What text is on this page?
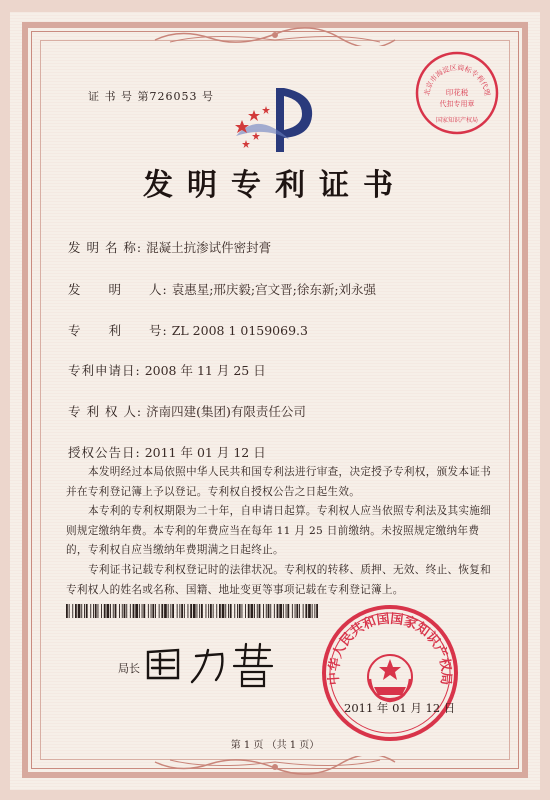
证 书 号 第726053 号	北京市海淀区商标专利代理
印花税
代扣专用章
国家知识产权局
发明专利证书
发 明 名 称: 混凝土抗渗试件密封膏
发　　明　　人: 袁惠星;邢庆毅;宫文晋;徐东新;刘永强
专　　利　　号: ZL 2008 1 0159069.3
专利申请日: 2008 年 11 月 25 日
专 利 权 人: 济南四建(集团)有限责任公司
授权公告日: 2011 年 01 月 12 日
本发明经过本局依照中华人民共和国专利法进行审查，决定授予专利权，颁发本证书并在专利登记簿上予以登记。专利权自授权公告之日起生效。
本专利的专利权期限为二十年，自申请日起算。专利权人应当依照专利法及其实施细则规定缴纳年费。本专利的年费应当在每年 11 月 25 日前缴纳。未按照规定缴纳年费的，专利权自应当缴纳年费期满之日起终止。
专利证书记载专利权登记时的法律状况。专利权的转移、质押、无效、终止、恢复和专利权人的姓名或名称、国籍、地址变更等事项记载在专利登记簿上。
局长
中华人民共和国国家知识产权局
2011 年 01 月 12 日
第 1 页 （共 1 页）
